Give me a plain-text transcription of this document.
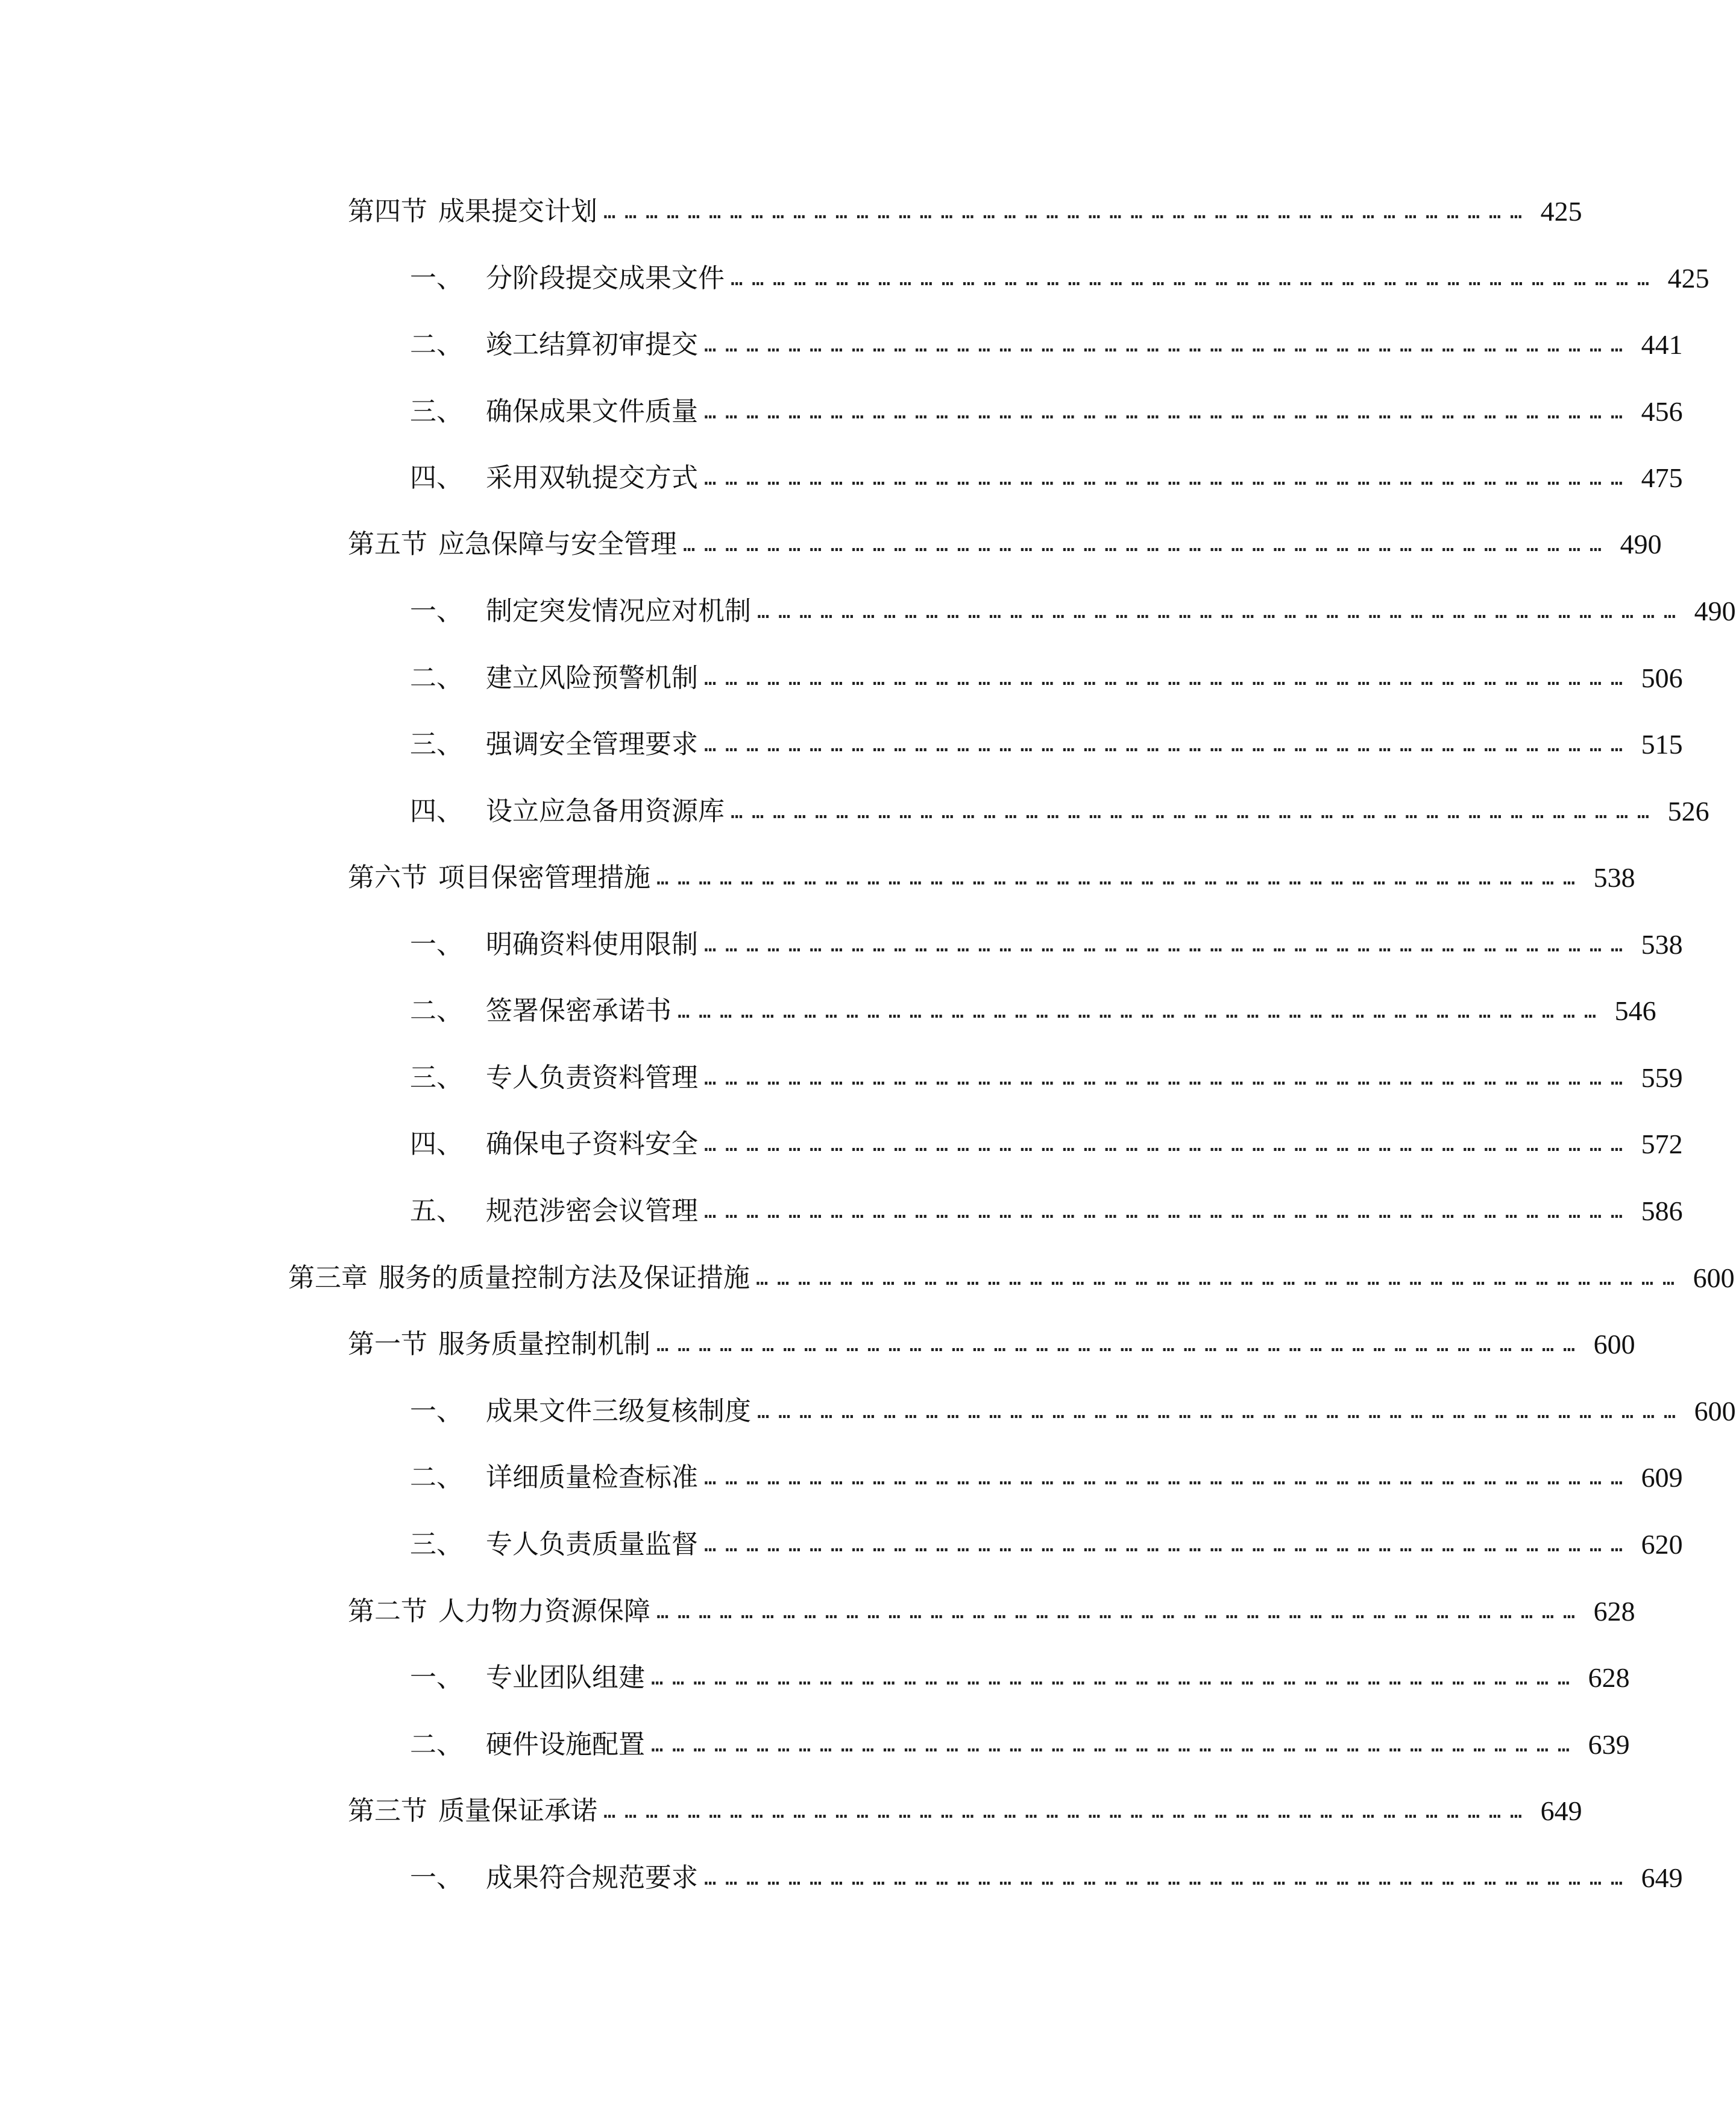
第四节 成果提交计划 …………………………………………………………………………………………………………………… 425
一、 分阶段提交成果文件 …………………………………………………………………………………………………………………… 425
二、 竣工结算初审提交 …………………………………………………………………………………………………………………… 441
三、 确保成果文件质量 …………………………………………………………………………………………………………………… 456
四、 采用双轨提交方式 …………………………………………………………………………………………………………………… 475
第五节 应急保障与安全管理 …………………………………………………………………………………………………………………… 490
一、 制定突发情况应对机制 …………………………………………………………………………………………………………………… 490
二、 建立风险预警机制 …………………………………………………………………………………………………………………… 506
三、 强调安全管理要求 …………………………………………………………………………………………………………………… 515
四、 设立应急备用资源库 …………………………………………………………………………………………………………………… 526
第六节 项目保密管理措施 …………………………………………………………………………………………………………………… 538
一、 明确资料使用限制 …………………………………………………………………………………………………………………… 538
二、 签署保密承诺书 …………………………………………………………………………………………………………………… 546
三、 专人负责资料管理 …………………………………………………………………………………………………………………… 559
四、 确保电子资料安全 …………………………………………………………………………………………………………………… 572
五、 规范涉密会议管理 …………………………………………………………………………………………………………………… 586
第三章 服务的质量控制方法及保证措施 …………………………………………………………………………………………………………………… 600
第一节 服务质量控制机制 …………………………………………………………………………………………………………………… 600
一、 成果文件三级复核制度 …………………………………………………………………………………………………………………… 600
二、 详细质量检查标准 …………………………………………………………………………………………………………………… 609
三、 专人负责质量监督 …………………………………………………………………………………………………………………… 620
第二节 人力物力资源保障 …………………………………………………………………………………………………………………… 628
一、 专业团队组建 …………………………………………………………………………………………………………………… 628
二、 硬件设施配置 …………………………………………………………………………………………………………………… 639
第三节 质量保证承诺 …………………………………………………………………………………………………………………… 649
一、 成果符合规范要求 …………………………………………………………………………………………………………………… 649
